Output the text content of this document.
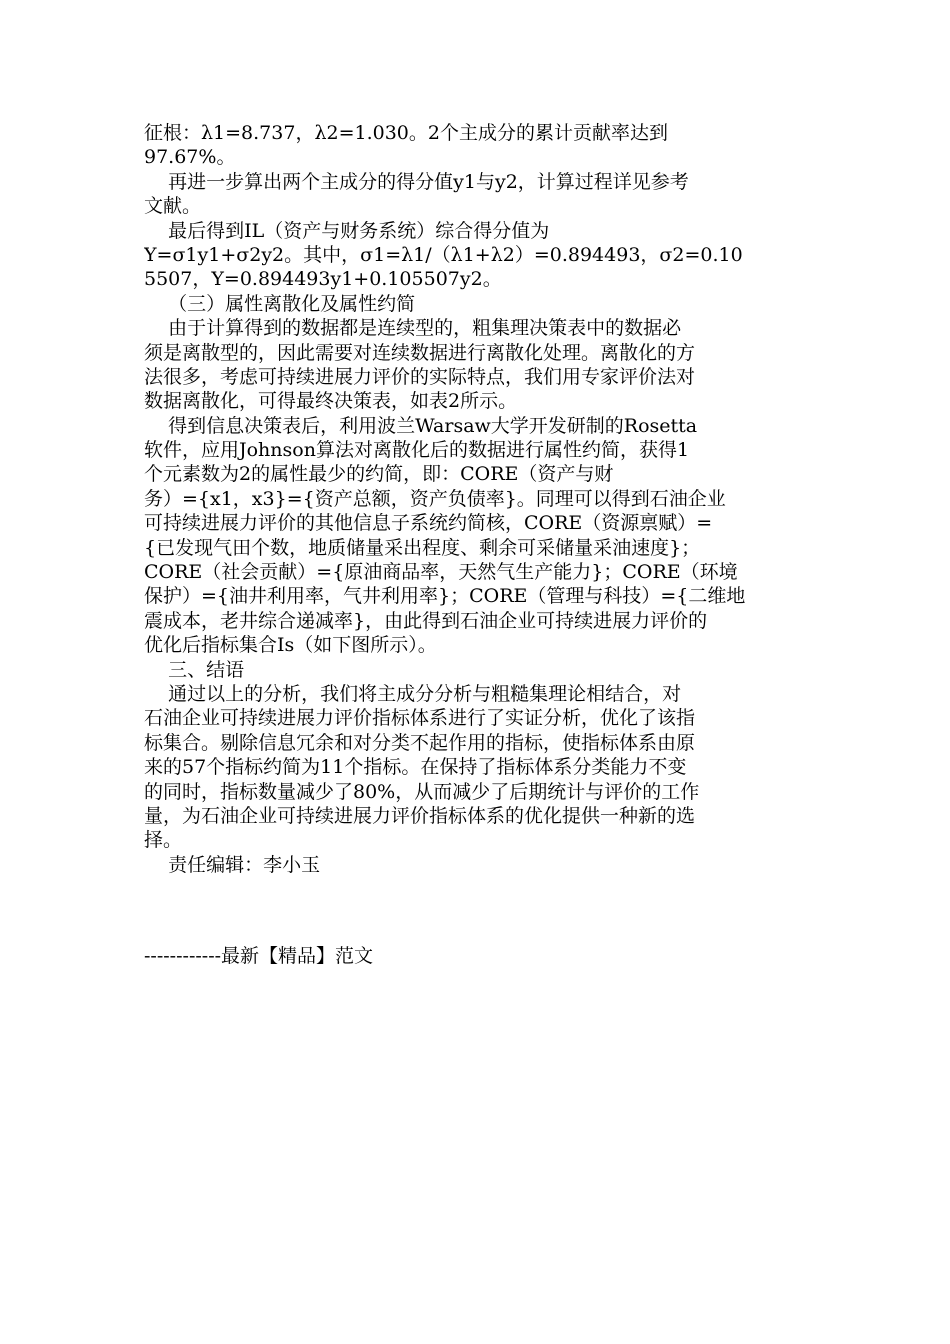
征根：λ1=8.737，λ2=1.030。2个主成分的累计贡献率达到
97.67%。
再进一步算出两个主成分的得分值y1与y2，计算过程详见参考
文献。
最后得到IL（资产与财务系统）综合得分值为
Y=σ1y1+σ2y2。其中，σ1=λ1/（λ1+λ2）=0.894493，σ2=0.10
5507，Y=0.894493y1+0.105507y2。
（三）属性离散化及属性约简
由于计算得到的数据都是连续型的，粗集理决策表中的数据必
须是离散型的，因此需要对连续数据进行离散化处理。离散化的方
法很多，考虑可持续进展力评价的实际特点，我们用专家评价法对
数据离散化，可得最终决策表，如表2所示。
得到信息决策表后，利用波兰Warsaw大学开发研制的Rosetta
软件，应用Johnson算法对离散化后的数据进行属性约简，获得1
个元素数为2的属性最少的约简，即：CORE（资产与财
务）={x1，x3}={资产总额，资产负债率}。同理可以得到石油企业
可持续进展力评价的其他信息子系统约简核，CORE（资源禀赋）=
{已发现气田个数，地质储量采出程度、剩余可采储量采油速度}；
CORE（社会贡献）={原油商品率，天然气生产能力}；CORE（环境
保护）={油井利用率，气井利用率}；CORE（管理与科技）={二维地
震成本，老井综合递减率}，由此得到石油企业可持续进展力评价的
优化后指标集合Is（如下图所示）。
三、结语
通过以上的分析，我们将主成分分析与粗糙集理论相结合，对
石油企业可持续进展力评价指标体系进行了实证分析，优化了该指
标集合。剔除信息冗余和对分类不起作用的指标，使指标体系由原
来的57个指标约简为11个指标。在保持了指标体系分类能力不变
的同时，指标数量减少了80%，从而减少了后期统计与评价的工作
量，为石油企业可持续进展力评价指标体系的优化提供一种新的选
择。
责任编辑：李小玉
------------最新【精品】范文
